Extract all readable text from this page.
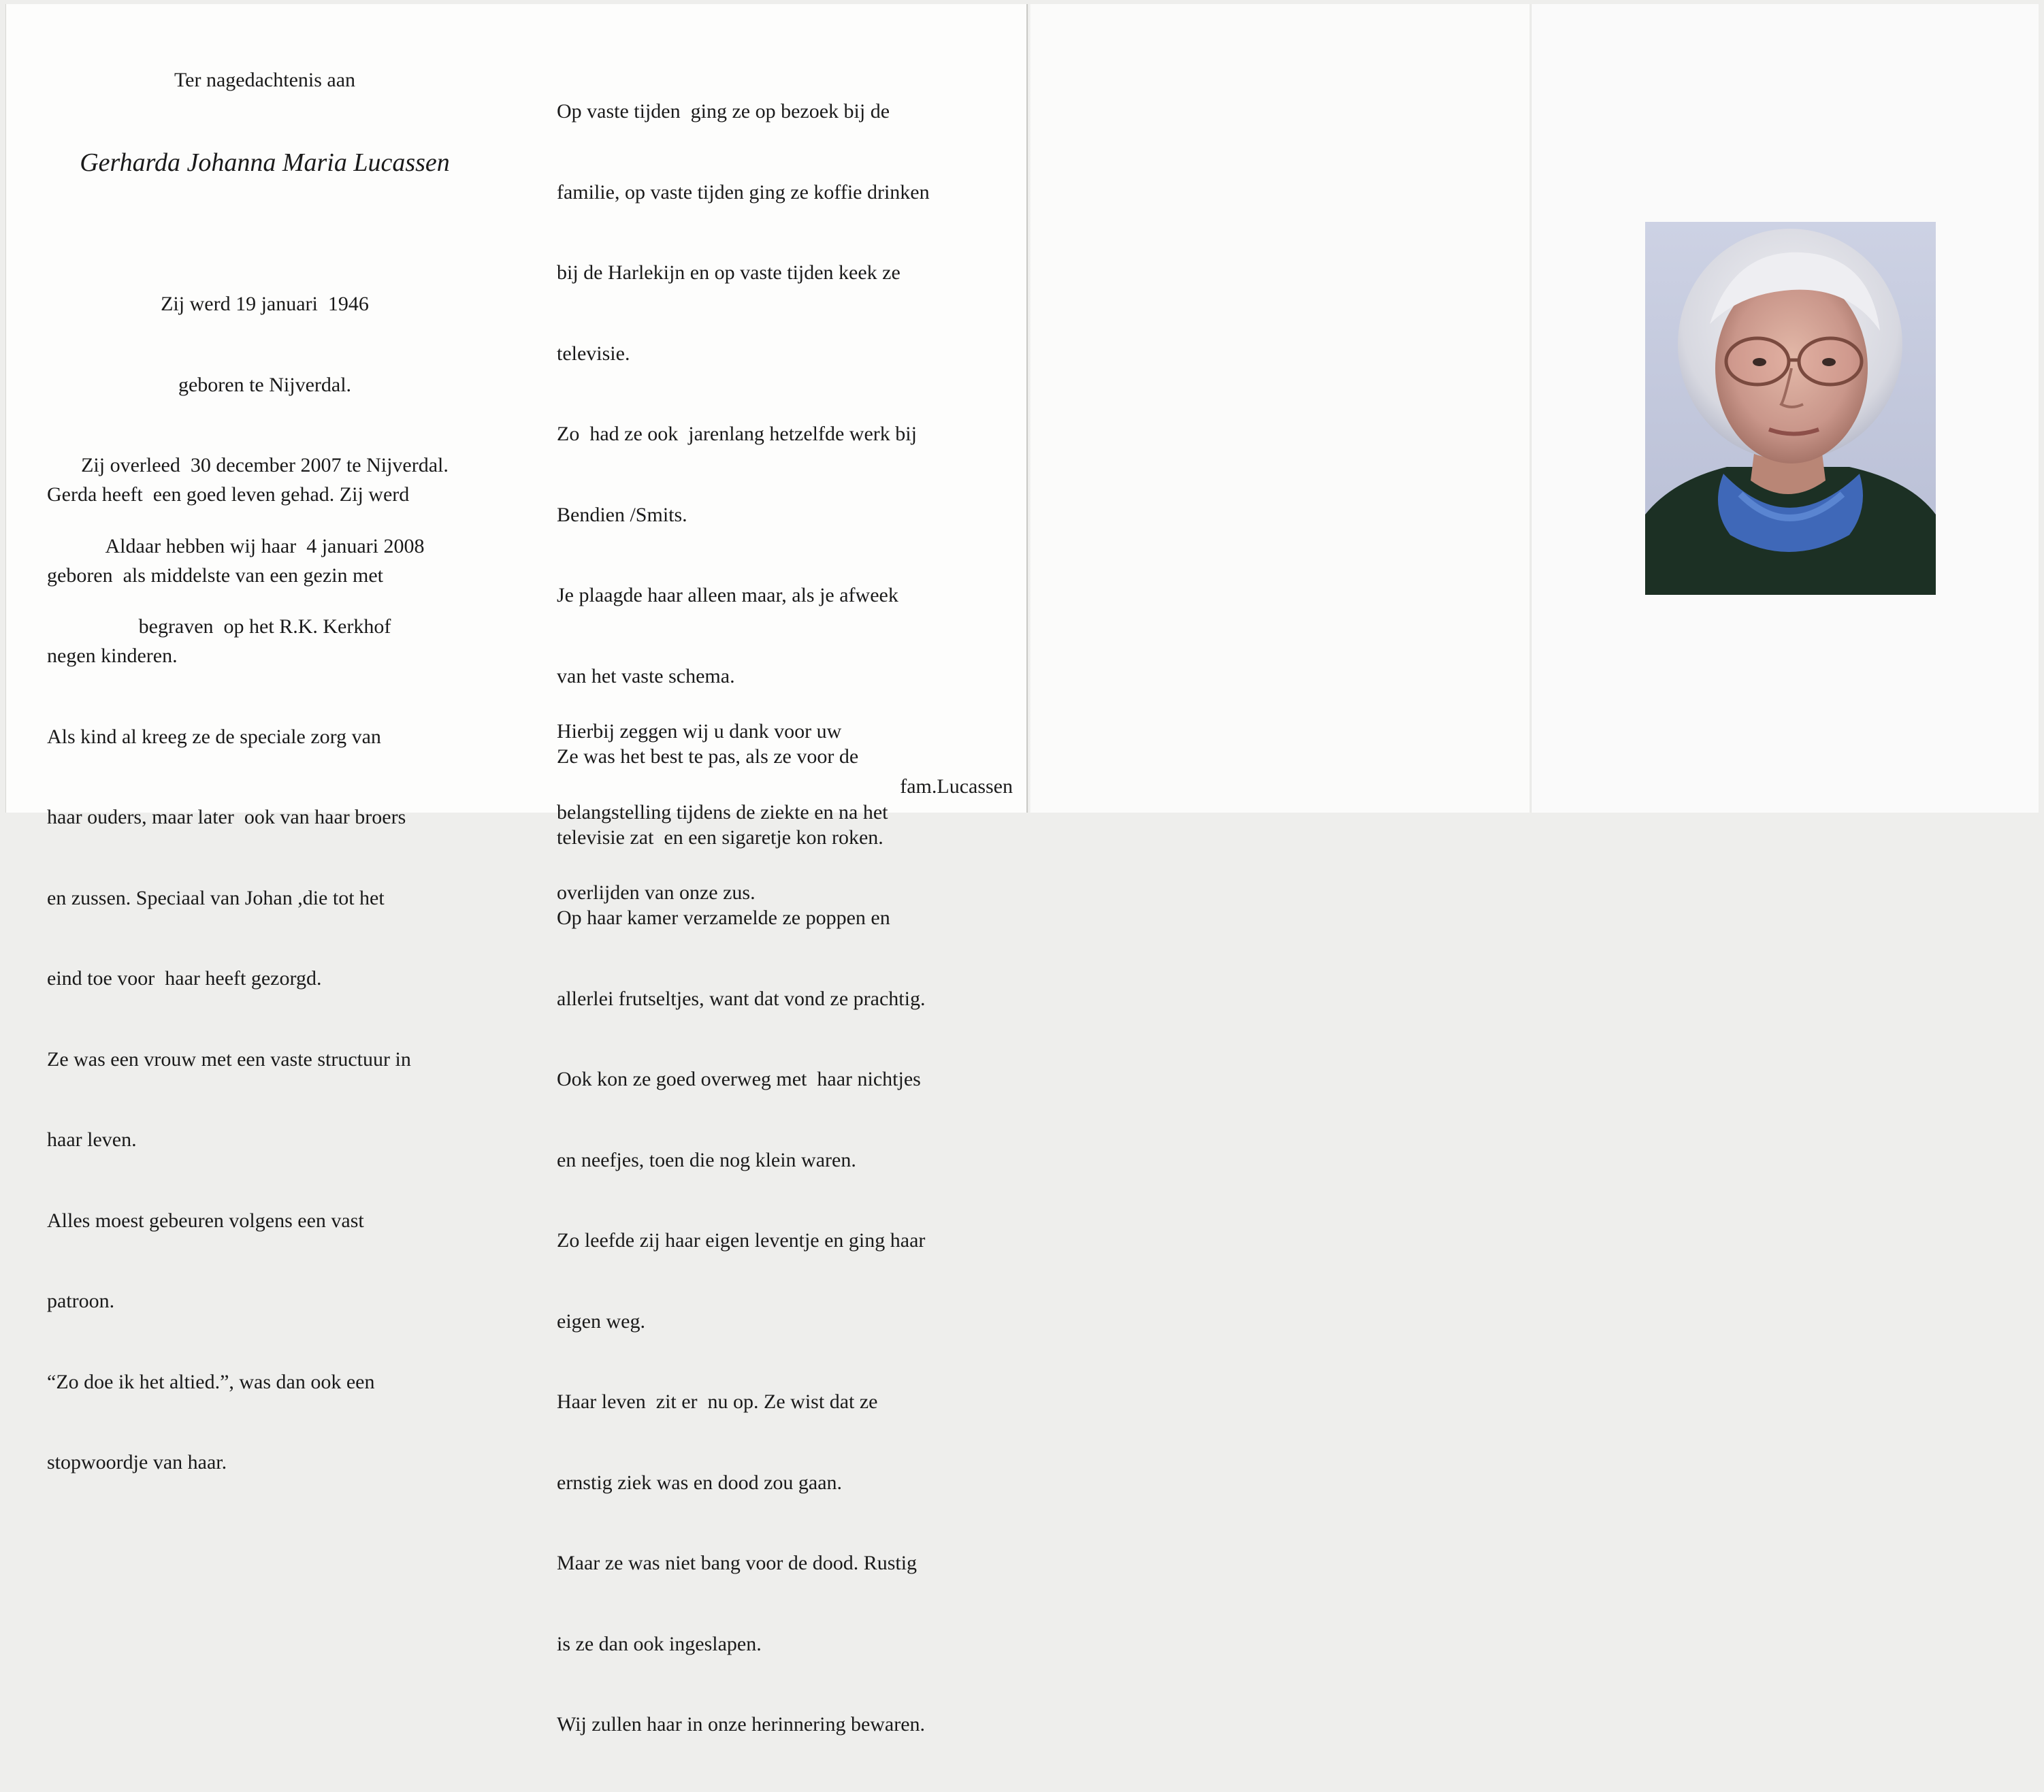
Ter nagedachtenis aan

Gerharda Johanna Maria Lucassen

Zij werd 19 januari  1946

geboren te Nijverdal.

Zij overleed  30 december 2007 te Nijverdal.

Aldaar hebben wij haar  4 januari 2008

begraven  op het R.K. Kerkhof

Gerda heeft  een goed leven gehad. Zij werd

geboren  als middelste van een gezin met

negen kinderen.

Als kind al kreeg ze de speciale zorg van

haar ouders, maar later  ook van haar broers

en zussen. Speciaal van Johan ,die tot het

eind toe voor  haar heeft gezorgd.

Ze was een vrouw met een vaste structuur in

haar leven.

Alles moest gebeuren volgens een vast

patroon.

“Zo doe ik het altied.”, was dan ook een

stopwoordje van haar.

Op vaste tijden  ging ze op bezoek bij de

familie, op vaste tijden ging ze koffie drinken

bij de Harlekijn en op vaste tijden keek ze

televisie.

Zo  had ze ook  jarenlang hetzelfde werk bij

Bendien /Smits.

Je plaagde haar alleen maar, als je afweek

van het vaste schema.

Ze was het best te pas, als ze voor de

televisie zat  en een sigaretje kon roken.

Op haar kamer verzamelde ze poppen en

allerlei frutseltjes, want dat vond ze prachtig.

Ook kon ze goed overweg met  haar nichtjes

en neefjes, toen die nog klein waren.

Zo leefde zij haar eigen leventje en ging haar

eigen weg.

Haar leven  zit er  nu op. Ze wist dat ze

ernstig ziek was en dood zou gaan.

Maar ze was niet bang voor de dood. Rustig

is ze dan ook ingeslapen.

Wij zullen haar in onze herinnering bewaren.

Hierbij zeggen wij u dank voor uw

belangstelling tijdens de ziekte en na het

overlijden van onze zus.

fam.Lucassen
